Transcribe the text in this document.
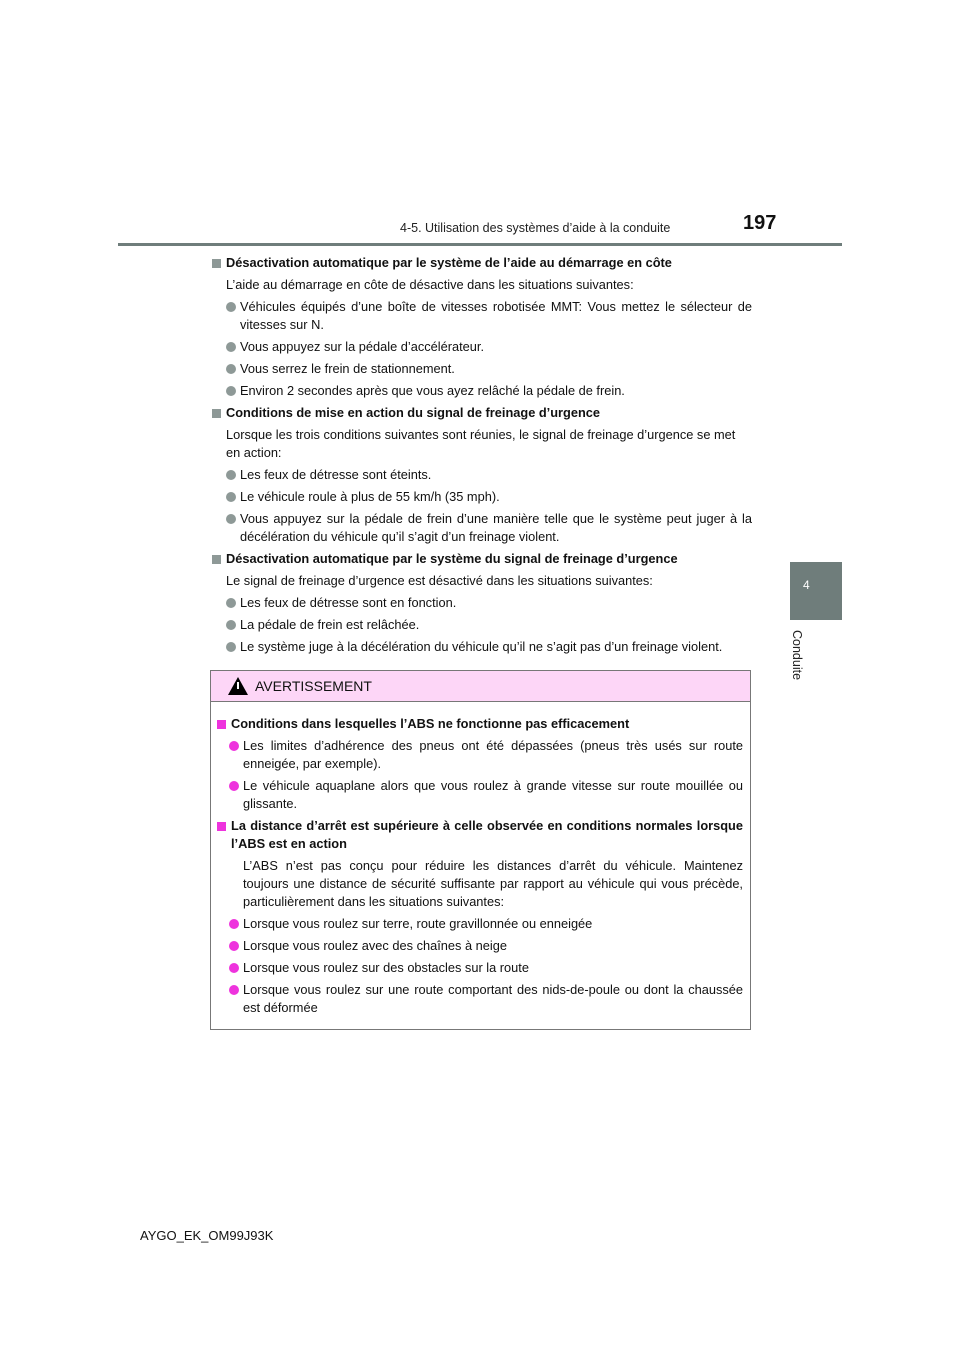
4-5. Utilisation des systèmes d’aide à la conduite	197
4
Conduite
Désactivation automatique par le système de l’aide au démarrage en côte
L’aide au démarrage en côte de désactive dans les situations suivantes:
Véhicules équipés d’une boîte de vitesses robotisée MMT: Vous mettez le sélecteur de vitesses sur N.
Vous appuyez sur la pédale d’accélérateur.
Vous serrez le frein de stationnement.
Environ 2 secondes après que vous ayez relâché la pédale de frein.
Conditions de mise en action du signal de freinage d’urgence
Lorsque les trois conditions suivantes sont réunies, le signal de freinage d’urgence se met en action:
Les feux de détresse sont éteints.
Le véhicule roule à plus de 55 km/h (35 mph).
Vous appuyez sur la pédale de frein d’une manière telle que le système peut juger à la décélération du véhicule qu’il s’agit d’un freinage violent.
Désactivation automatique par le système du signal de freinage d’urgence
Le signal de freinage d’urgence est désactivé dans les situations suivantes:
Les feux de détresse sont en fonction.
La pédale de frein est relâchée.
Le système juge à la décélération du véhicule qu’il ne s’agit pas d’un freinage violent.
AVERTISSEMENT
Conditions dans lesquelles l’ABS ne fonctionne pas efficacement
Les limites d’adhérence des pneus ont été dépassées (pneus très usés sur route enneigée, par exemple).
Le véhicule aquaplane alors que vous roulez à grande vitesse sur route mouillée ou glissante.
La distance d’arrêt est supérieure à celle observée en conditions normales lorsque l’ABS est en action
L’ABS n’est pas conçu pour réduire les distances d’arrêt du véhicule. Maintenez toujours une distance de sécurité suffisante par rapport au véhicule qui vous précède, particulièrement dans les situations suivantes:
Lorsque vous roulez sur terre, route gravillonnée ou enneigée
Lorsque vous roulez avec des chaînes à neige
Lorsque vous roulez sur des obstacles sur la route
Lorsque vous roulez sur une route comportant des nids-de-poule ou dont la chaussée est déformée
AYGO_EK_OM99J93K
